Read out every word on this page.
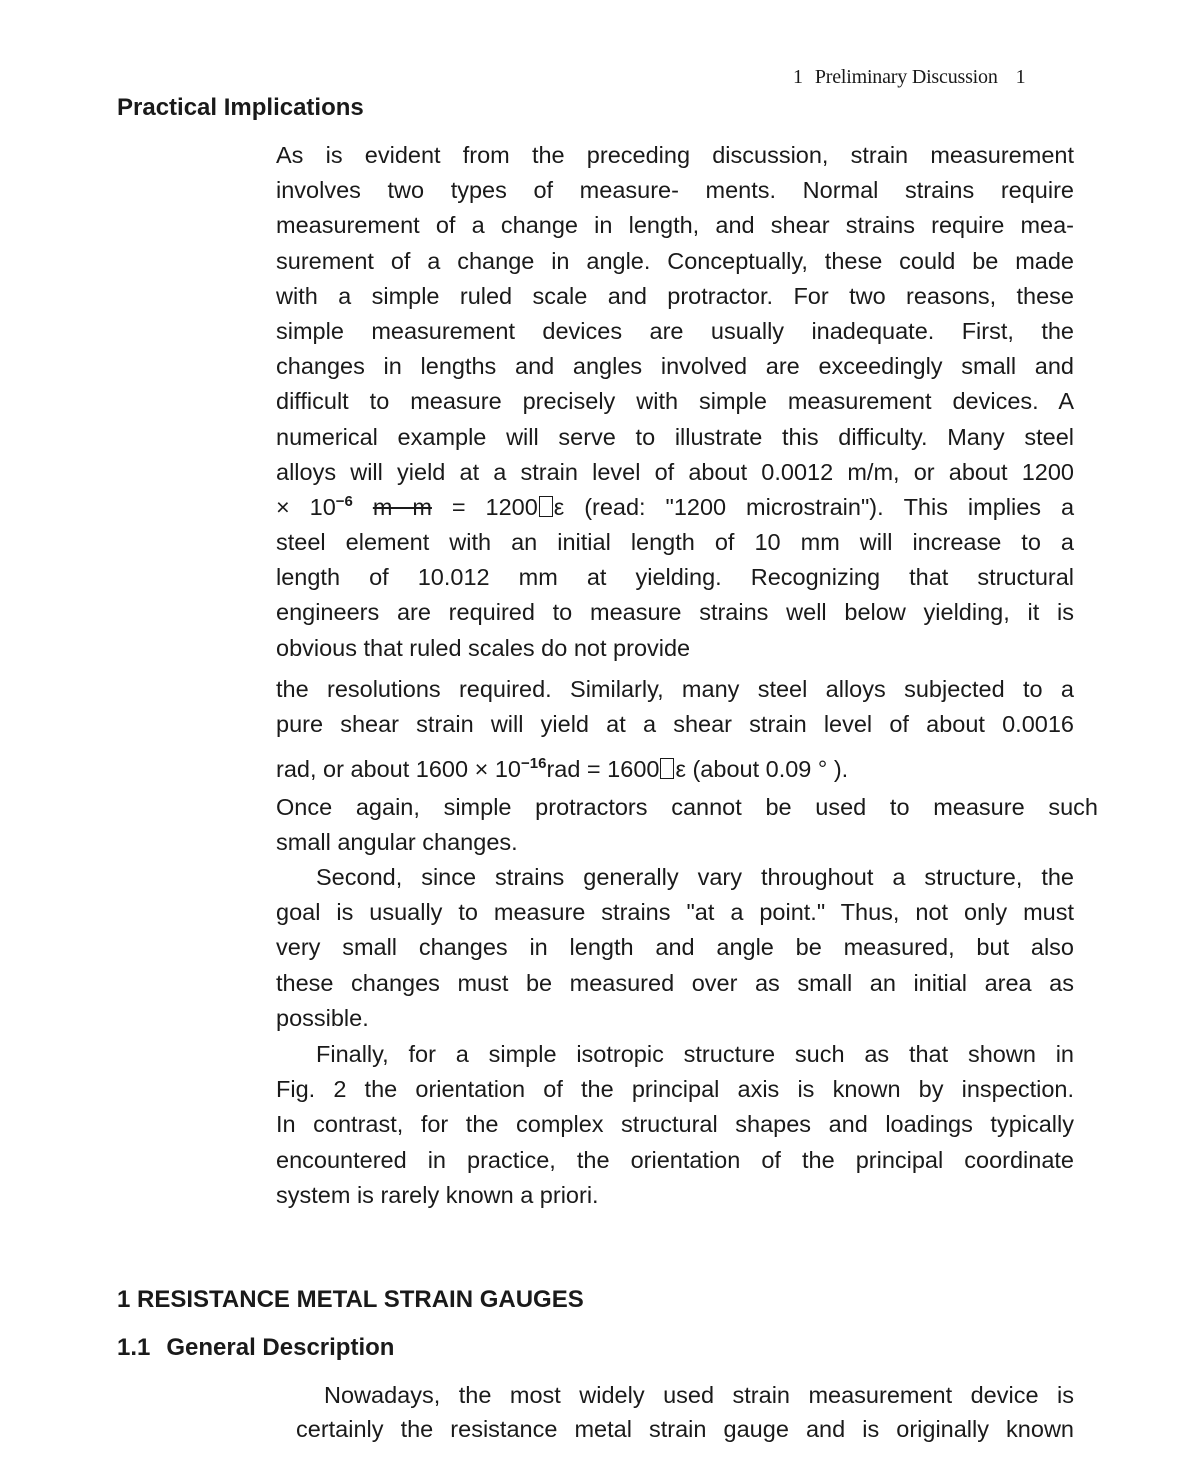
1 Preliminary Discussion 1
Practical Implications
As is evident from the preceding discussion, strain measurement
involves two types of measure- ments. Normal strains require
measurement of a change in length, and shear strains require mea-
surement of a change in angle. Conceptually, these could be made
with a simple ruled scale and protractor. For two reasons, these
simple measurement devices are usually inadequate. First, the
changes in lengths and angles involved are exceedingly small and
difficult to measure precisely with simple measurement devices. A
numerical example will serve to illustrate this difficulty. Many steel
alloys will yield at a strain level of about 0.0012 m/m, or about 1200
× $10^{-6}$ m m = 1200 ε (read: "1200 microstrain"). This implies a
steel element with an initial length of 10 mm will increase to a
length of 10.012 mm at yielding. Recognizing that structural
engineers are required to measure strains well below yielding, it is
obvious that ruled scales do not provide
the resolutions required. Similarly, many steel alloys subjected to a
pure shear strain will yield at a shear strain level of about 0.0016
rad, or about $1600 \times 10^{-16}rad = 1600$ ε (about 0.09 ° ).
Once again, simple protractors cannot be used to measure such
small angular changes.
Second, since strains generally vary throughout a structure, the
goal is usually to measure strains "at a point." Thus, not only must
very small changes in length and angle be measured, but also
these changes must be measured over as small an initial area as
possible.
Finally, for a simple isotropic structure such as that shown in
Fig. 2 the orientation of the principal axis is known by inspection.
In contrast, for the complex structural shapes and loadings typically
encountered in practice, the orientation of the principal coordinate
system is rarely known a priori.
1 RESISTANCE METAL STRAIN GAUGES
1.1 General Description
Nowadays, the most widely used strain measurement device is
certainly the resistance metal strain gauge and is originally known
